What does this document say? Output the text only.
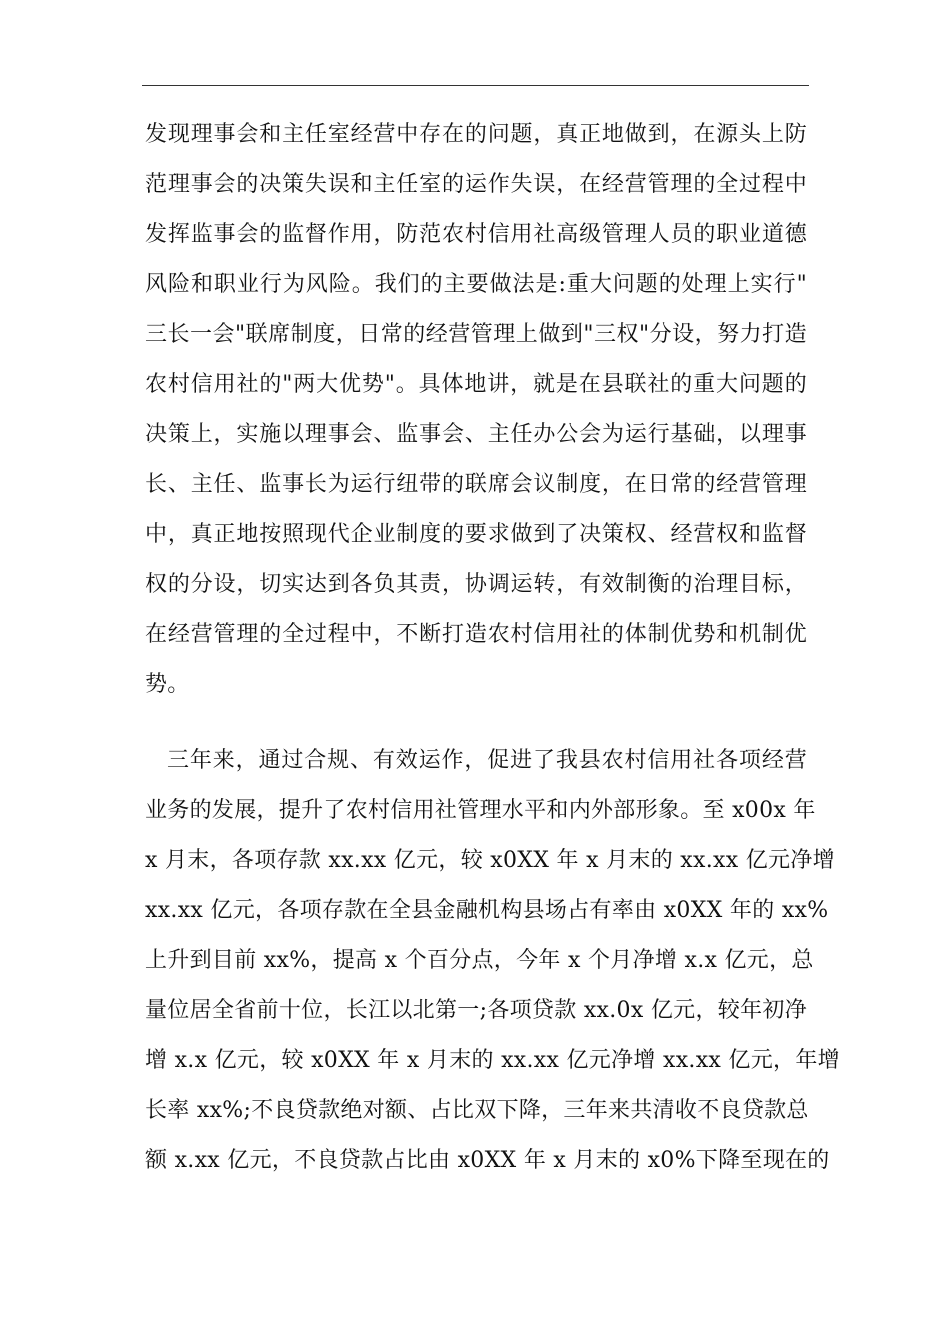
发现理事会和主任室经营中存在的问题，真正地做到，在源头上防
范理事会的决策失误和主任室的运作失误，在经营管理的全过程中
发挥监事会的监督作用，防范农村信用社高级管理人员的职业道德
风险和职业行为风险。我们的主要做法是:重大问题的处理上实行"
三长一会"联席制度，日常的经营管理上做到"三权"分设，努力打造
农村信用社的"两大优势"。具体地讲，就是在县联社的重大问题的
决策上，实施以理事会、监事会、主任办公会为运行基础，以理事
长、主任、监事长为运行纽带的联席会议制度，在日常的经营管理
中，真正地按照现代企业制度的要求做到了决策权、经营权和监督
权的分设，切实达到各负其责，协调运转，有效制衡的治理目标，
在经营管理的全过程中，不断打造农村信用社的体制优势和机制优
势。
三年来，通过合规、有效运作，促进了我县农村信用社各项经营
业务的发展，提升了农村信用社管理水平和内外部形象。至 x00x 年
x 月末，各项存款 xx.xx 亿元，较 x0XX 年 x 月末的 xx.xx 亿元净增
xx.xx 亿元，各项存款在全县金融机构县场占有率由 x0XX 年的 xx%
上升到目前 xx%，提高 x 个百分点，今年 x 个月净增 x.x 亿元，总
量位居全省前十位，长江以北第一;各项贷款 xx.0x 亿元，较年初净
增 x.x 亿元，较 x0XX 年 x 月末的 xx.xx 亿元净增 xx.xx 亿元，年增
长率 xx%;不良贷款绝对额、占比双下降，三年来共清收不良贷款总
额 x.xx 亿元，不良贷款占比由 x0XX 年 x 月末的 x0%下降至现在的
